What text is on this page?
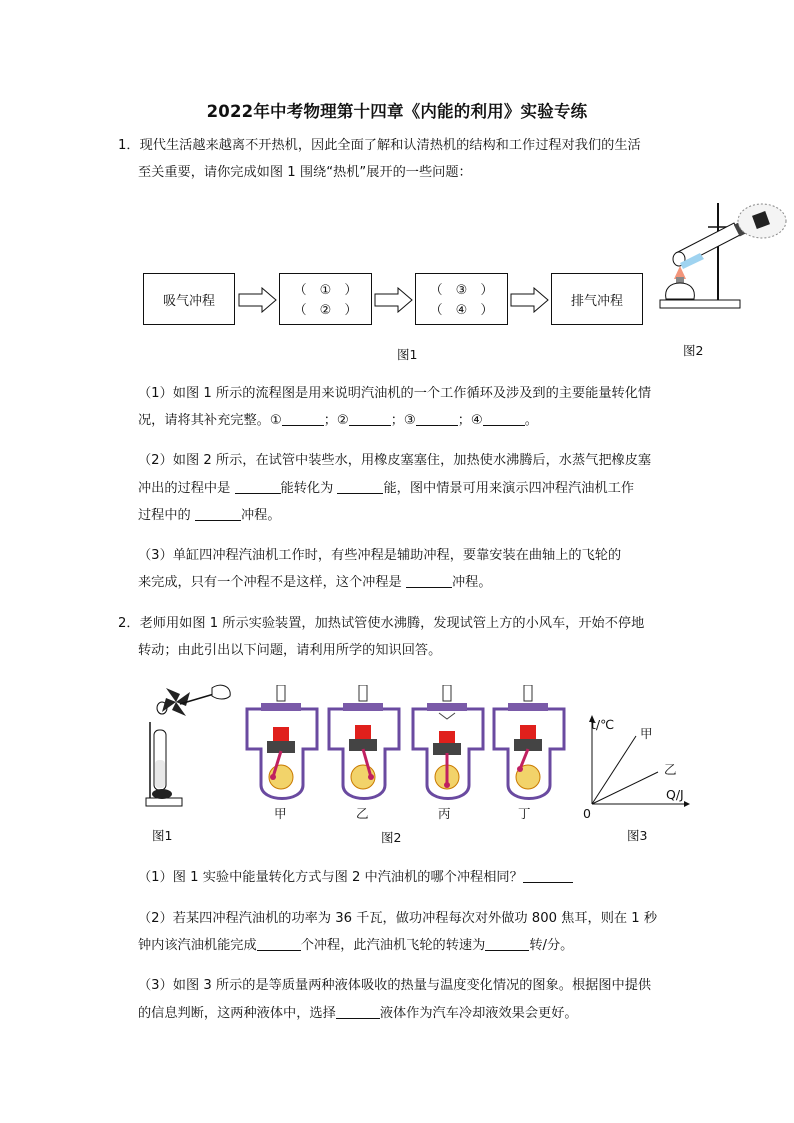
2022年中考物理第十四章《内能的利用》实验专练
1．现代生活越来越离不开热机，因此全面了解和认清热机的结构和工作过程对我们的生活
至关重要，请你完成如图 1 围绕“热机”展开的一些问题：
吸气冲程
（　①　）
（　②　）
（　③　）
（　④　）
排气冲程
图1	图2
（1）如图 1 所示的流程图是用来说明汽油机的一个工作循环及涉及到的主要能量转化情
况，请将其补充完整。①	；②	；③	；④	。
（2）如图 2 所示，在试管中装些水，用橡皮塞塞住，加热使水沸腾后，水蒸气把橡皮塞
冲出的过程中是	能转化为	能，图中情景可用来演示四冲程汽油机工作
过程中的	冲程。
（3）单缸四冲程汽油机工作时，有些冲程是辅助冲程，要靠安装在曲轴上的飞轮的
来完成，只有一个冲程不是这样，这个冲程是	冲程。
2．老师用如图 1 所示实验装置，加热试管使水沸腾，发现试管上方的小风车，开始不停地
转动；由此引出以下问题，请利用所学的知识回答。
图1
甲	乙	丙	丁
图2
t/℃
甲
乙
Q/J
0
图3
（1）图 1 实验中能量转化方式与图 2 中汽油机的哪个冲程相同？
（2）若某四冲程汽油机的功率为 36 千瓦，做功冲程每次对外做功 800 焦耳，则在 1 秒
钟内该汽油机能完成	个冲程，此汽油机飞轮的转速为	转/分。
（3）如图 3 所示的是等质量两种液体吸收的热量与温度变化情况的图象。根据图中提供
的信息判断，这两种液体中，选择	液体作为汽车冷却液效果会更好。
